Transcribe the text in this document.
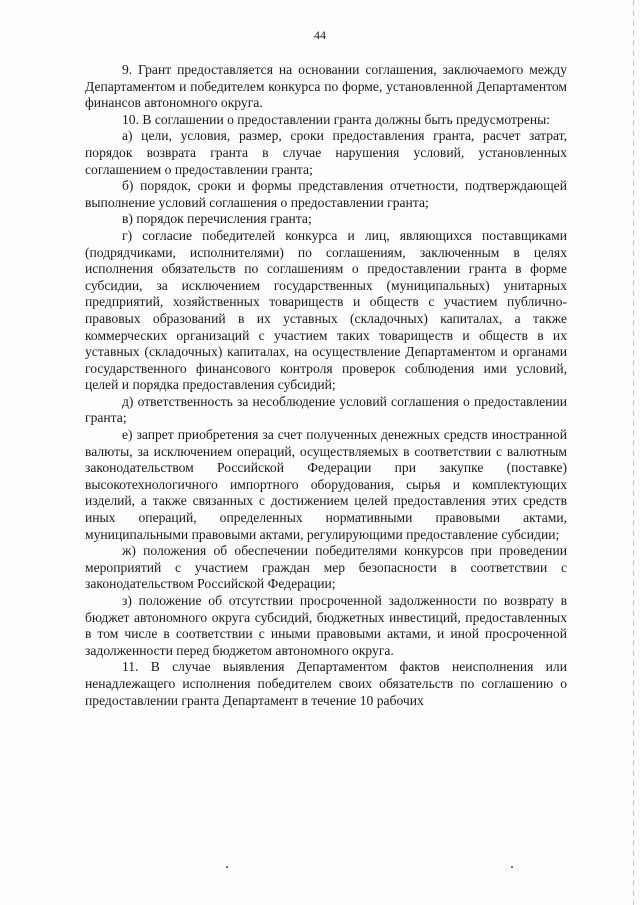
44

9. Грант предоставляется на основании соглашения, заключаемого между Департаментом и победителем конкурса по форме, установленной Департаментом финансов автономного округа.

10. В соглашении о предоставлении гранта должны быть предусмотрены:

а) цели, условия, размер, сроки предоставления гранта, расчет затрат, порядок возврата гранта в случае нарушения условий, установленных соглашением о предоставлении гранта;

б) порядок, сроки и формы представления отчетности, подтверждающей выполнение условий соглашения о предоставлении гранта;

в) порядок перечисления гранта;

г) согласие победителей конкурса и лиц, являющихся поставщиками (подрядчиками, исполнителями) по соглашениям, заключенным в целях исполнения обязательств по соглашениям о предоставлении гранта в форме субсидии, за исключением государственных (муниципальных) унитарных предприятий, хозяйственных товариществ и обществ с участием публично-правовых образований в их уставных (складочных) капиталах, а также коммерческих организаций с участием таких товариществ и обществ в их уставных (складочных) капиталах, на осуществление Департаментом и органами государственного финансового контроля проверок соблюдения ими условий, целей и порядка предоставления субсидий;

д) ответственность за несоблюдение условий соглашения о предоставлении гранта;

е) запрет приобретения за счет полученных денежных средств иностранной валюты, за исключением операций, осуществляемых в соответствии с валютным законодательством Российской Федерации при закупке (поставке) высокотехнологичного импортного оборудования, сырья и комплектующих изделий, а также связанных с достижением целей предоставления этих средств иных операций, определенных нормативными правовыми актами, муниципальными правовыми актами, регулирующими предоставление субсидии;

ж) положения об обеспечении победителями конкурсов при проведении мероприятий с участием граждан мер безопасности в соответствии с законодательством Российской Федерации;

з) положение об отсутствии просроченной задолженности по возврату в бюджет автономного округа субсидий, бюджетных инвестиций, предоставленных в том числе в соответствии с иными правовыми актами, и иной просроченной задолженности перед бюджетом автономного округа.

11. В случае выявления Департаментом фактов неисполнения или ненадлежащего исполнения победителем своих обязательств по соглашению о предоставлении гранта Департамент в течение 10 рабочих
